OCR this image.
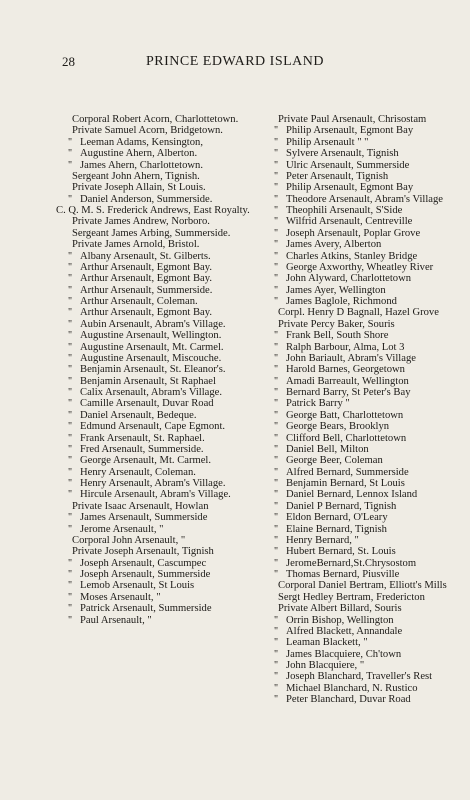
28	PRINCE EDWARD ISLAND
Corporal Robert Acorn, Charlottetown.
Private Samuel Acorn, Bridgetown.
" Leeman Adams, Kensington,
" Augustine Ahern, Alberton.
" James Ahern, Charlottetown.
Sergeant John Ahern, Tignish.
Private Joseph Allain, St Louis.
" Daniel Anderson, Summerside.
C. Q. M. S. Frederick Andrews, East Royalty.
Private James Andrew, Norboro.
Sergeant James Arbing, Summerside.
Private James Arnold, Bristol.
" Albany Arsenault, St. Gilberts.
" Arthur Arsenault, Egmont Bay.
" Arthur Arsenault, Egmont Bay.
" Arthur Arsenault, Summerside.
" Arthur Arsenault, Coleman.
" Arthur Arsenault, Egmont Bay.
" Aubin Arsenault, Abram's Village.
" Augustine Arsenault, Wellington.
" Augustine Arsenault, Mt. Carmel.
" Augustine Arsenault, Miscouche.
" Benjamin Arsenault, St. Eleanor's.
" Benjamin Arsenault, St Raphael
" Calix Arsenault, Abram's Village.
" Camille Arsenault, Duvar Road
" Daniel Arsenault, Bedeque.
" Edmund Arsenault, Cape Egmont.
" Frank Arsenault, St. Raphael.
" Fred Arsenault, Summerside.
" George Arsenault, Mt. Carmel.
" Henry Arsenault, Coleman.
" Henry Arsenault, Abram's Village.
" Hircule Arsenault, Abram's Village.
Private Isaac Arsenault, Howlan
" James Arsenault, Summerside
" Jerome Arsenault, "
Corporal John Arsenault, "
Private Joseph Arsenault, Tignish
" Joseph Arsenault, Cascumpec
" Joseph Arsenault, Summerside
" Lemob Arsenault, St Louis
" Moses Arsenault, "
" Patrick Arsenault, Summerside
" Paul Arsenault, "
Private Paul Arsenault, Chrisostam
" Philip Arsenault, Egmont Bay
" Philip Arsenault " "
" Sylvere Arsenault, Tignish
" Ulric Arsenault, Summerside
" Peter Arsenault, Tignish
" Philip Arsenault, Egmont Bay
" Theodore Arsenault, Abram's Village
" Theophili Arsenault, S'Side
" Wilfrid Arsenault, Centreville
" Joseph Arsenault, Poplar Grove
" James Avery, Alberton
" Charles Atkins, Stanley Bridge
" George Axworthy, Wheatley River
" John Alyward, Charlottetown
" James Ayer, Wellington
" James Baglole, Richmond
Corpl. Henry D Bagnall, Hazel Grove
Private Percy Baker, Souris
" Frank Bell, South Shore
" Ralph Barbour, Alma, Lot 3
" John Bariault, Abram's Village
" Harold Barnes, Georgetown
" Amadi Barreault, Wellington
" Bernard Barry, St Peter's Bay
" Patrick Barry "
" George Batt, Charlottetown
" George Bears, Brooklyn
" Clifford Bell, Charlottetown
" Daniel Bell, Milton
" George Beer, Coleman
" Alfred Bernard, Summerside
" Benjamin Bernard, St Louis
" Daniel Bernard, Lennox Island
" Daniel P Bernard, Tignish
" Eldon Bernard, O'Leary
" Elaine Bernard, Tignish
" Henry Bernard, "
" Hubert Bernard, St. Louis
" JeromeBernard,St.Chrysostom
" Thomas Bernard, Piusville
Corporal Daniel Bertram, Elliott's Mills
Sergt Hedley Bertram, Fredericton
Private Albert Billard, Souris
" Orrin Bishop, Wellington
" Alfred Blackett, Annandale
" Leaman Blackett, "
" James Blacquiere, Ch'town
" John Blacquiere, "
" Joseph Blanchard, Traveller's Rest
" Michael Blanchard, N. Rustico
" Peter Blanchard, Duvar Road
